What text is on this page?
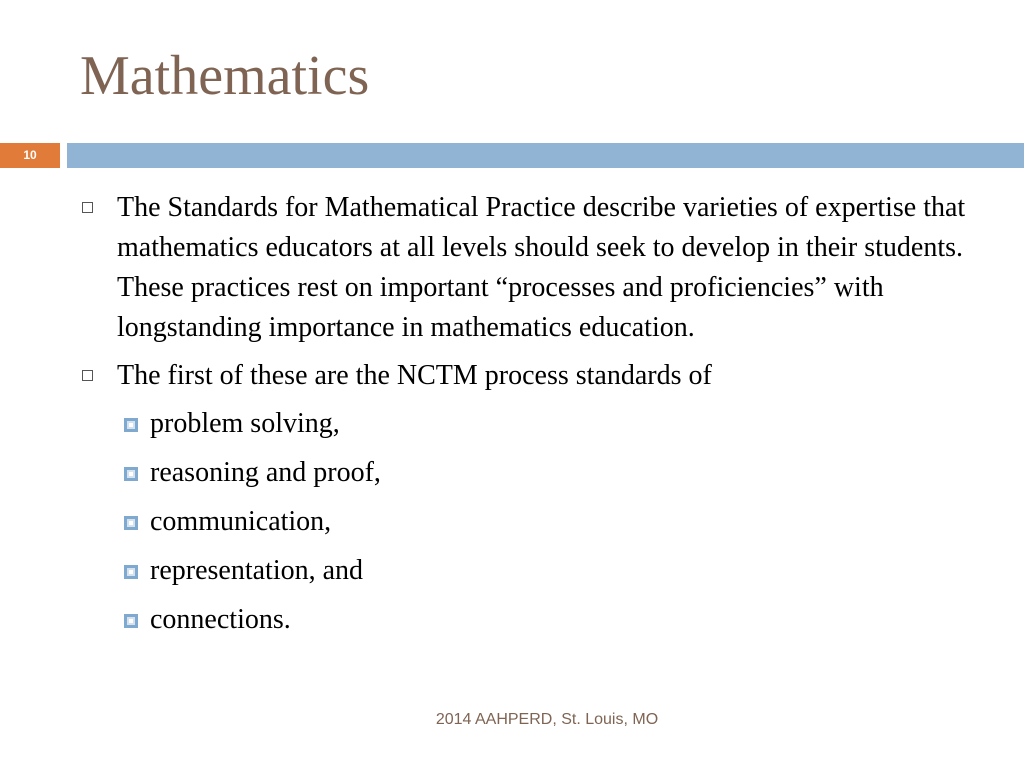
Mathematics
10
The Standards for Mathematical Practice describe varieties of expertise that mathematics educators at all levels should seek to develop in their students. These practices rest on important “processes and proficiencies” with longstanding importance in mathematics education.
The first of these are the NCTM process standards of
problem solving,
reasoning and proof,
communication,
representation, and
connections.
2014 AAHPERD, St. Louis, MO
